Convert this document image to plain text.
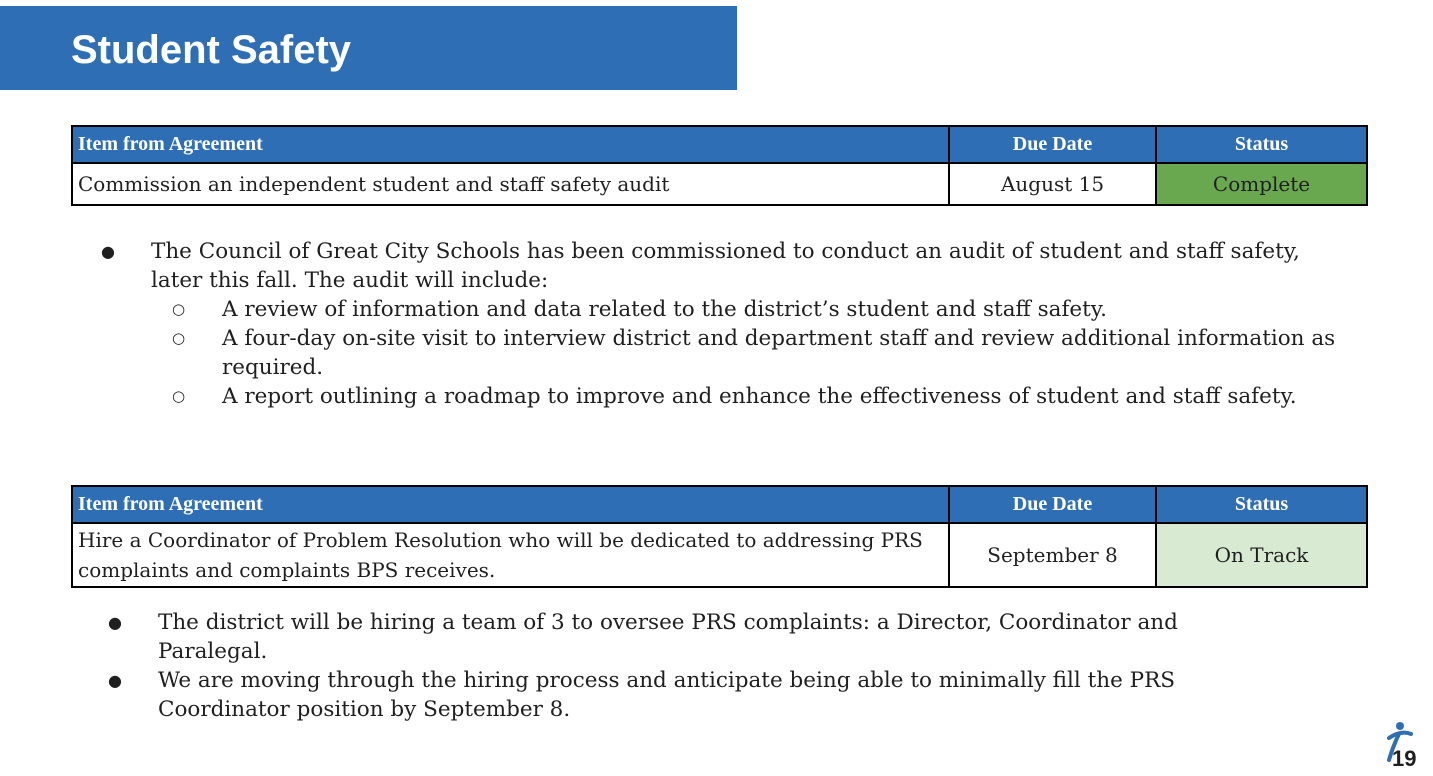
Student Safety
Item from Agreement	Due Date	Status
Commission an independent student and staff safety audit	August 15	Complete
● The Council of Great City Schools has been commissioned to conduct an audit of student and staff safety, later this fall. The audit will include:
○ A review of information and data related to the district’s student and staff safety.
○ A four-day on-site visit to interview district and department staff and review additional information as required.
○ A report outlining a roadmap to improve and enhance the effectiveness of student and staff safety.
Item from Agreement	Due Date	Status
Hire a Coordinator of Problem Resolution who will be dedicated to addressing PRS complaints and complaints BPS receives.	September 8	On Track
● The district will be hiring a team of 3 to oversee PRS complaints: a Director, Coordinator and Paralegal.
● We are moving through the hiring process and anticipate being able to minimally fill the PRS Coordinator position by September 8.
19
